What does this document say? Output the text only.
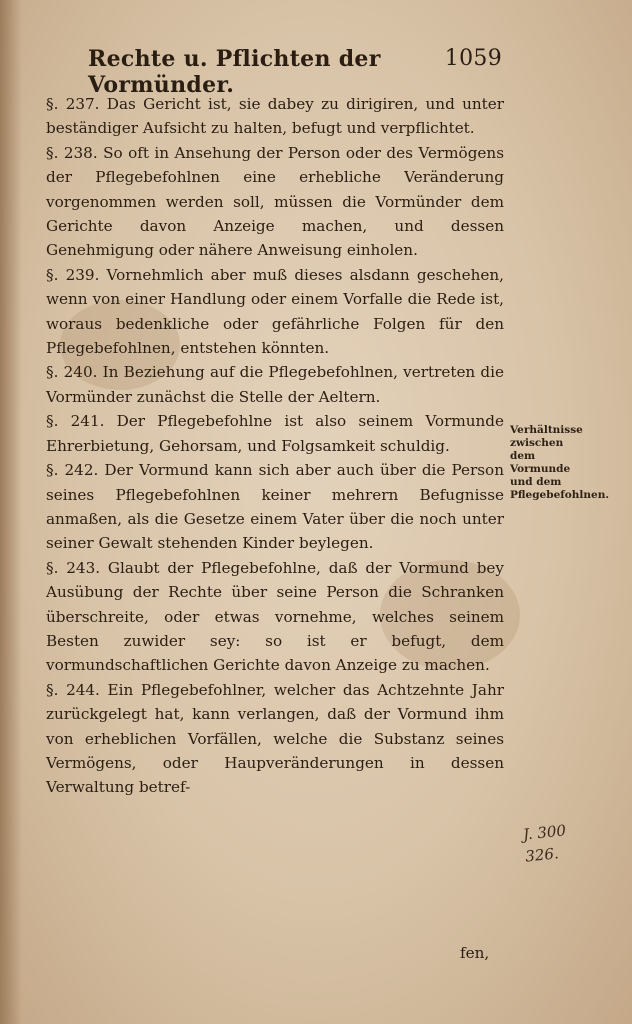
Rechte u. Pflichten der Vormünder.
1059

§. 237. Das Gericht ist, sie dabey zu dirigiren, und unter beständiger Aufsicht zu halten, befugt und verpflichtet.

§. 238. So oft in Ansehung der Person oder des Vermögens der Pflegebefohlnen eine erhebliche Veränderung vorgenommen werden soll, müssen die Vormünder dem Gerichte davon Anzeige machen, und dessen Genehmigung oder nähere Anweisung einholen.

§. 239. Vornehmlich aber muß dieses alsdann geschehen, wenn von einer Handlung oder einem Vorfalle die Rede ist, woraus bedenkliche oder gefährliche Folgen für den Pflegebefohlnen, entstehen könnten.

§. 240. In Beziehung auf die Pflegebefohlnen, vertreten die Vormünder zunächst die Stelle der Aeltern.

§. 241. Der Pflegebefohlne ist also seinem Vormunde Ehrerbietung, Gehorsam, und Folgsamkeit schuldig.

§. 242. Der Vormund kann sich aber auch über die Person seines Pflegebefohlnen keiner mehrern Befugnisse anmaßen, als die Gesetze einem Vater über die noch unter seiner Gewalt stehenden Kinder beylegen.

§. 243. Glaubt der Pflegebefohlne, daß der Vormund bey Ausübung der Rechte über seine Person die Schranken überschreite, oder etwas vornehme, welches seinem Besten zuwider sey: so ist er befugt, dem vormundschaftlichen Gerichte davon Anzeige zu machen.

§. 244. Ein Pflegebefohlner, welcher das Achtzehnte Jahr zurückgelegt hat, kann verlangen, daß der Vormund ihm von erheblichen Vorfällen, welche die Substanz seines Vermögens, oder Haupveränderungen in dessen Verwaltung betref-

Verhältnisse zwischen dem Vormunde und dem Pflegebefohlnen.
J. 300 326.
fen,
